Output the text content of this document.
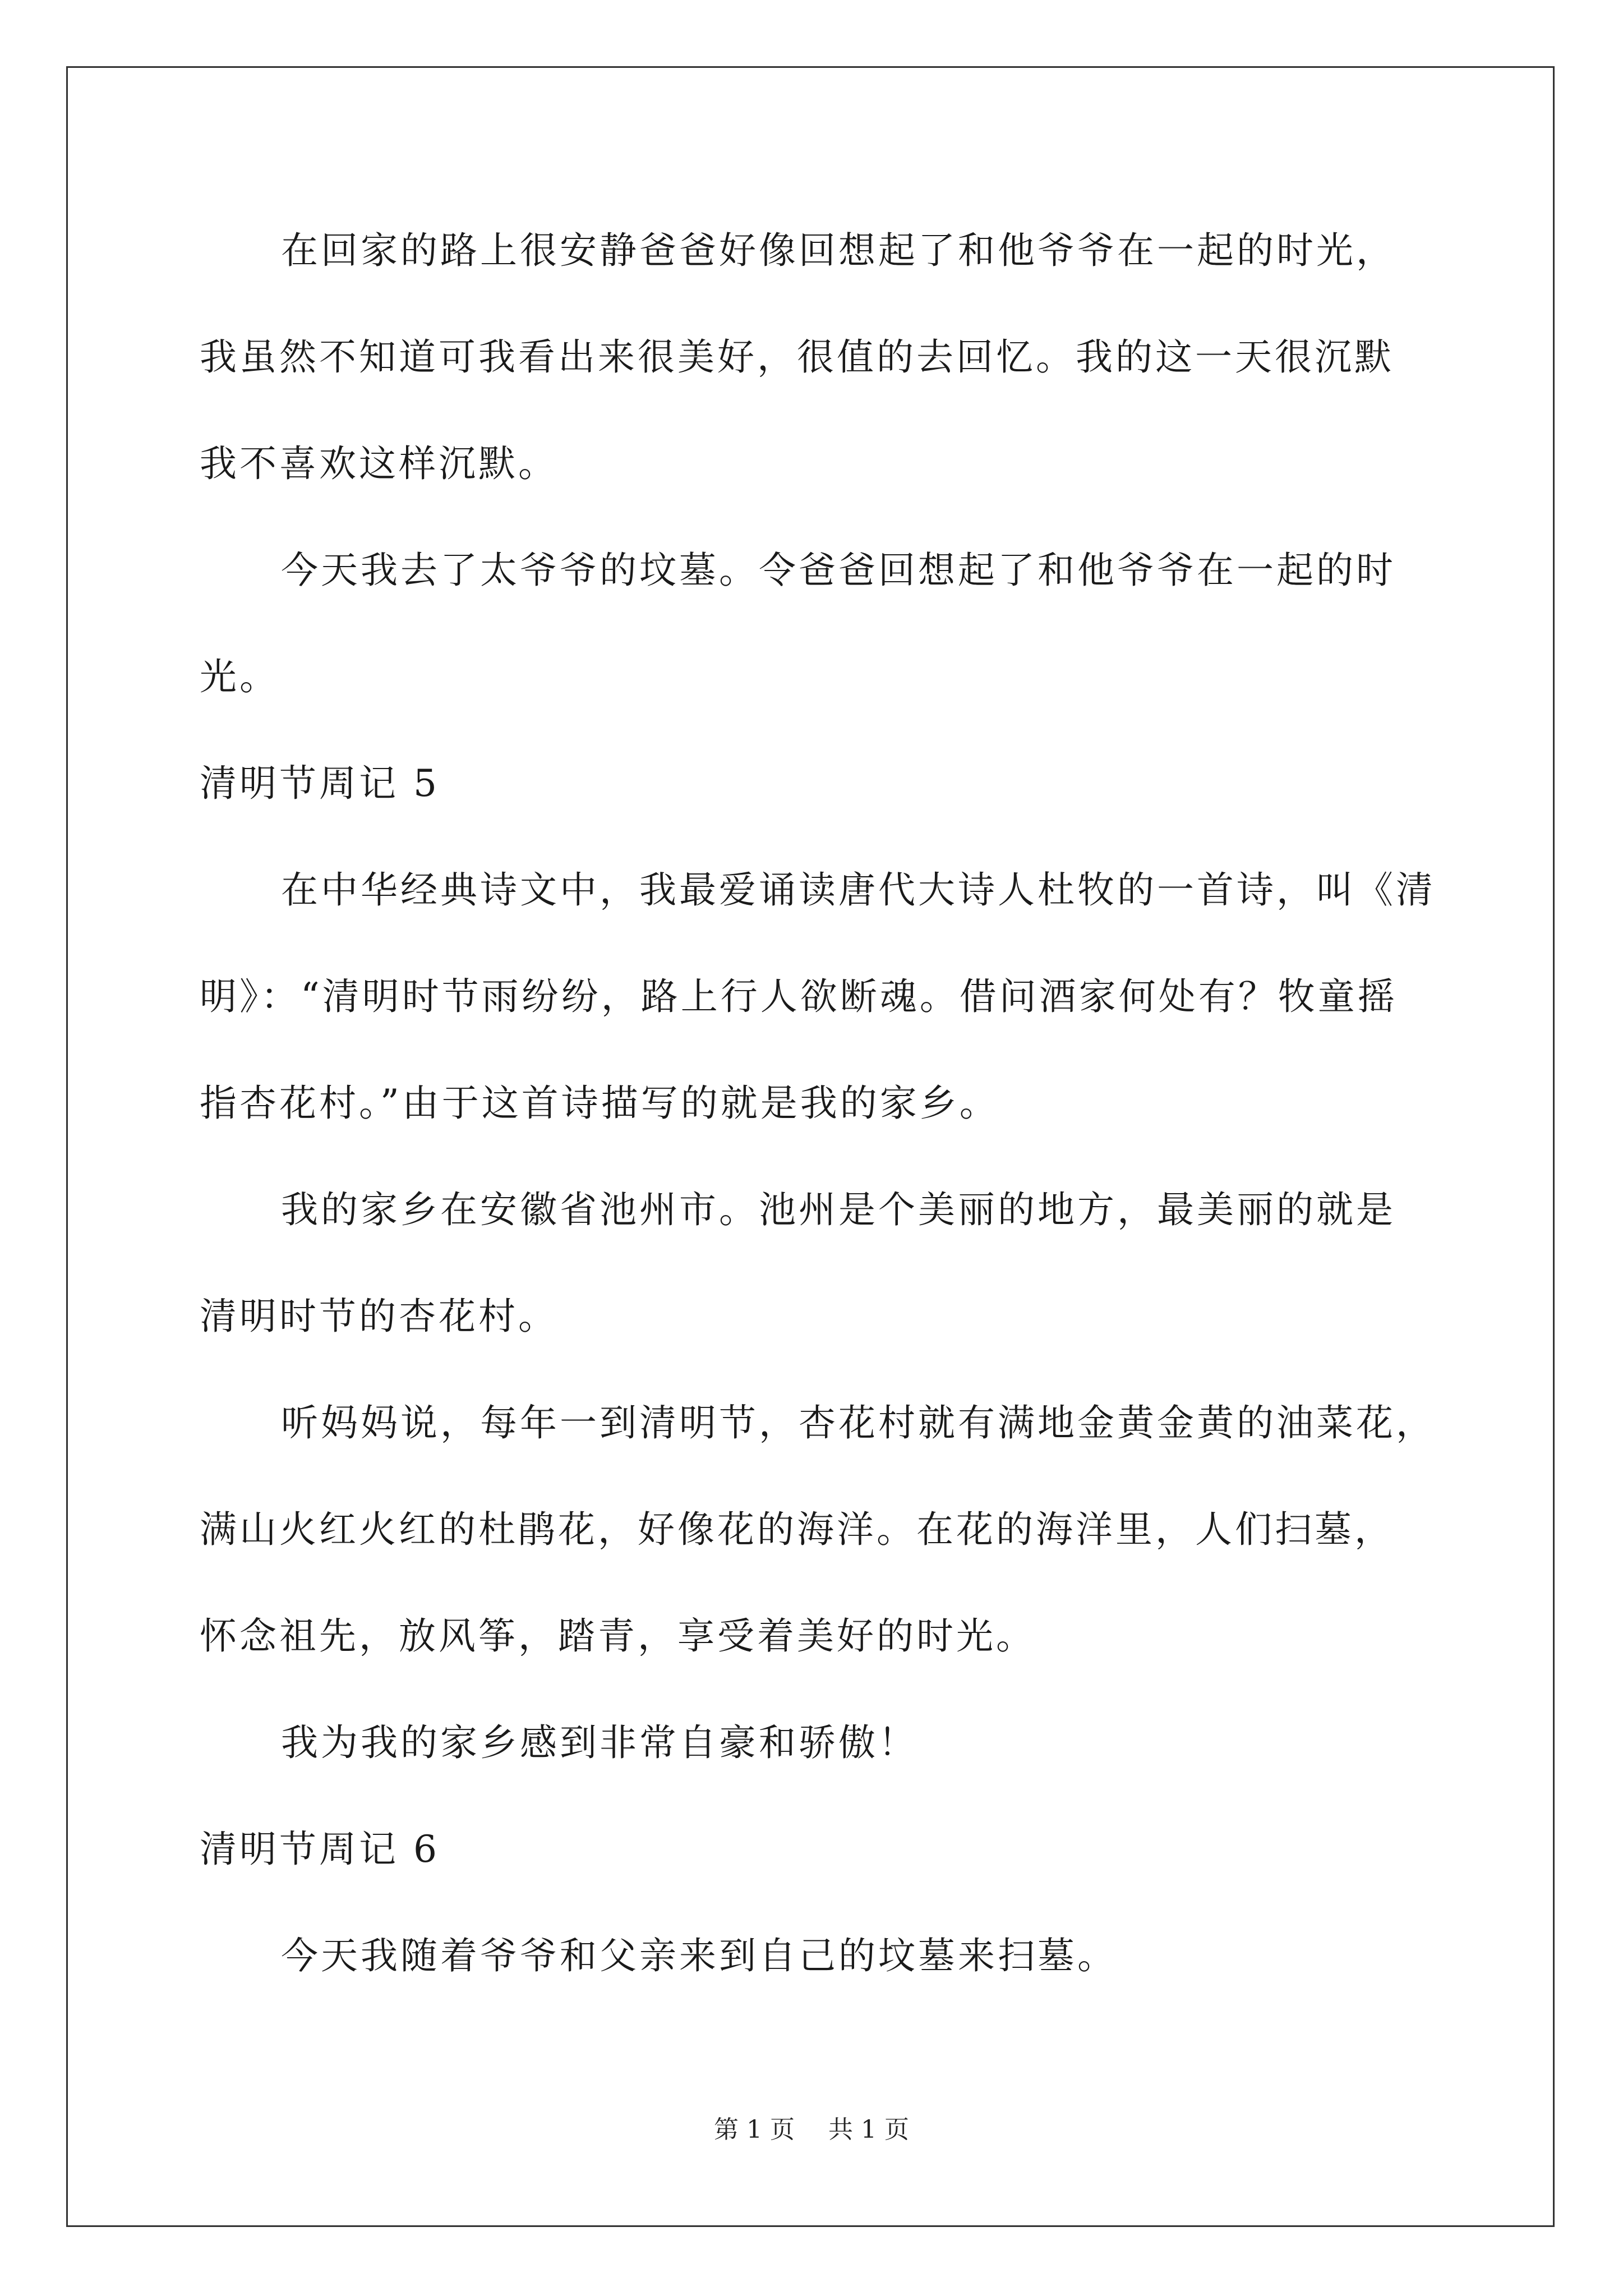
在回家的路上很安静爸爸好像回想起了和他爷爷在一起的时光，
我虽然不知道可我看出来很美好，很值的去回忆。我的这一天很沉默
我不喜欢这样沉默。
今天我去了太爷爷的坟墓。令爸爸回想起了和他爷爷在一起的时
光。
清明节周记 5
在中华经典诗文中，我最爱诵读唐代大诗人杜牧的一首诗，叫《清
明》：“清明时节雨纷纷，路上行人欲断魂。借问酒家何处有？牧童摇
指杏花村。”由于这首诗描写的就是我的家乡。
我的家乡在安徽省池州市。池州是个美丽的地方，最美丽的就是
清明时节的杏花村。
听妈妈说，每年一到清明节，杏花村就有满地金黄金黄的油菜花，
满山火红火红的杜鹃花，好像花的海洋。在花的海洋里，人们扫墓，
怀念祖先，放风筝，踏青，享受着美好的时光。
我为我的家乡感到非常自豪和骄傲！
清明节周记 6
今天我随着爷爷和父亲来到自己的坟墓来扫墓。
第 1 页 共 1 页
